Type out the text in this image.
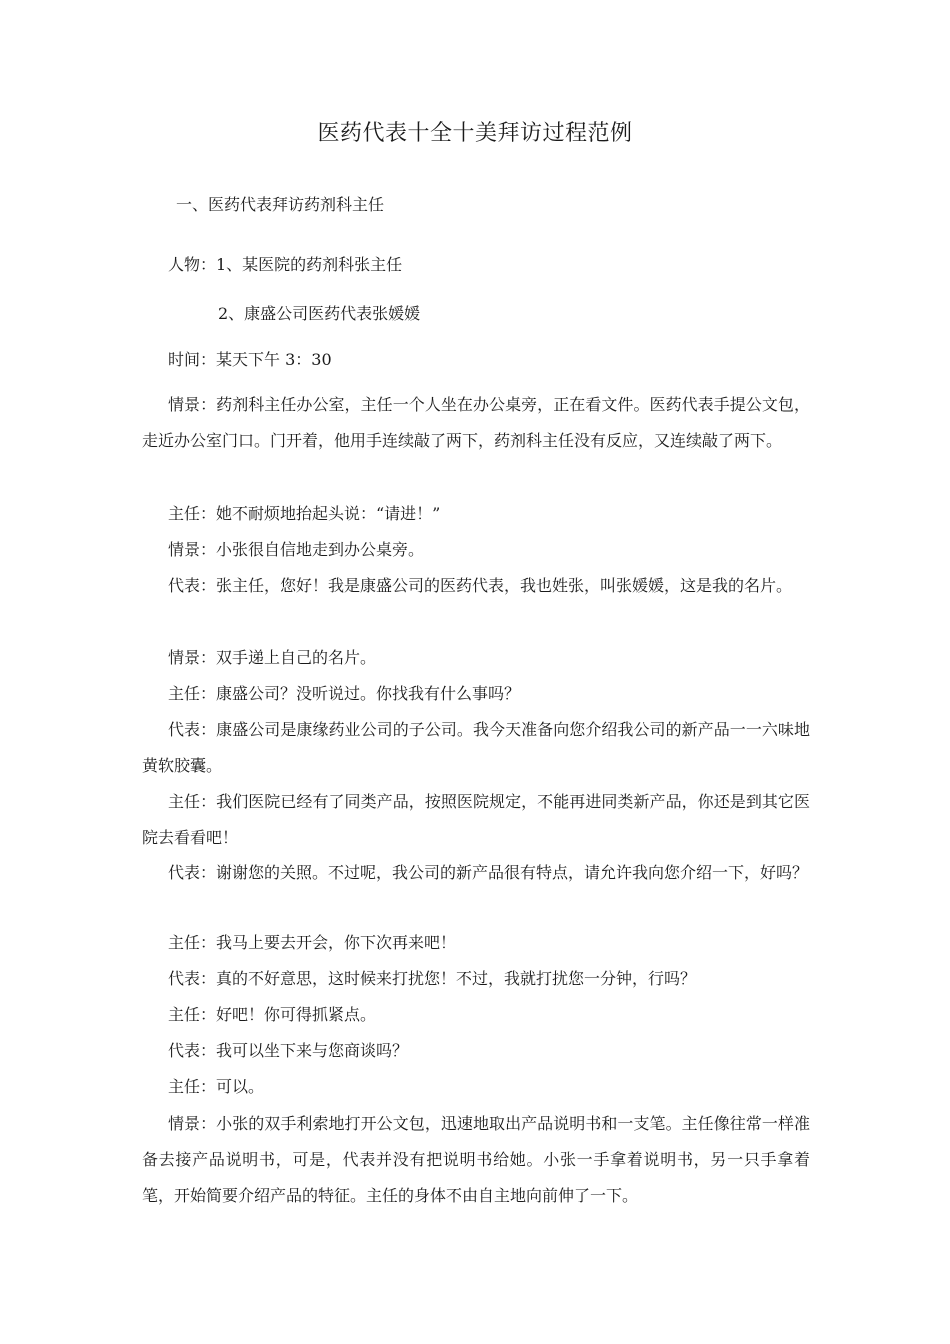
医药代表十全十美拜访过程范例
一、医药代表拜访药剂科主任
人物：1、某医院的药剂科张主任
2、康盛公司医药代表张媛媛
时间：某天下午 3：30
情景：药剂科主任办公室，主任一个人坐在办公桌旁，正在看文件。医药代表手提公文包，走近办公室门口。门开着，他用手连续敲了两下，药剂科主任没有反应，又连续敲了两下。
主任：她不耐烦地抬起头说：“请进！”
情景：小张很自信地走到办公桌旁。
代表：张主任，您好！我是康盛公司的医药代表，我也姓张，叫张媛媛，这是我的名片。
情景：双手递上自己的名片。
主任：康盛公司？没听说过。你找我有什么事吗？
代表：康盛公司是康缘药业公司的子公司。我今天准备向您介绍我公司的新产品一一六味地黄软胶囊。
主任：我们医院已经有了同类产品，按照医院规定，不能再进同类新产品，你还是到其它医院去看看吧！
代表：谢谢您的关照。不过呢，我公司的新产品很有特点，请允许我向您介绍一下，好吗？
主任：我马上要去开会，你下次再来吧！
代表：真的不好意思，这时候来打扰您！不过，我就打扰您一分钟，行吗？
主任：好吧！你可得抓紧点。
代表：我可以坐下来与您商谈吗？
主任：可以。
情景：小张的双手利索地打开公文包，迅速地取出产品说明书和一支笔。主任像往常一样准备去接产品说明书，可是，代表并没有把说明书给她。小张一手拿着说明书，另一只手拿着笔，开始简要介绍产品的特征。主任的身体不由自主地向前伸了一下。
